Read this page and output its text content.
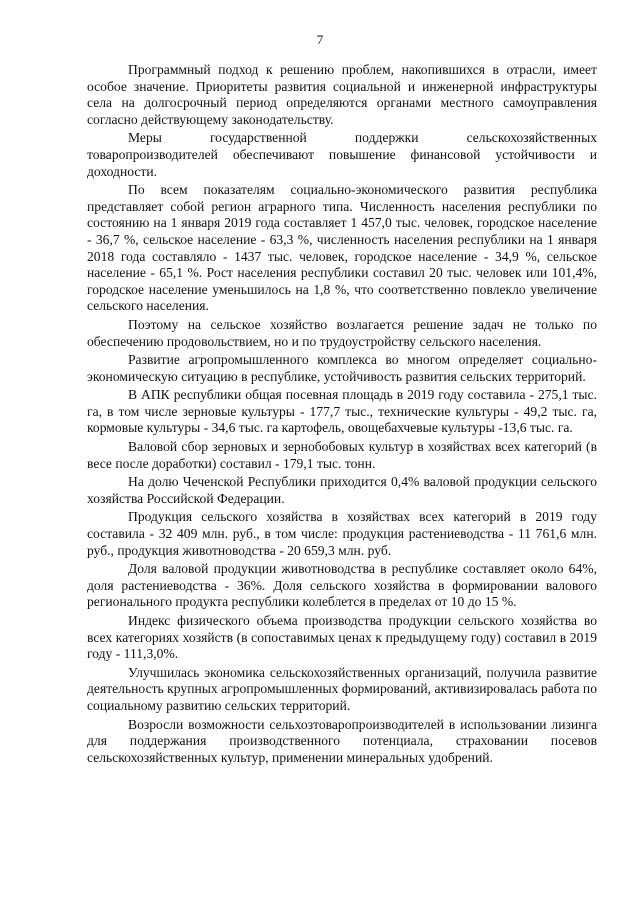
7

Программный подход к решению проблем, накопившихся в отрасли, имеет особое значение. Приоритеты развития социальной и инженерной инфраструктуры села на долгосрочный период определяются органами местного самоуправления согласно действующему законодательству.

Меры государственной поддержки сельскохозяйственных товаропроизводителей обеспечивают повышение финансовой устойчивости и доходности.

По всем показателям социально-экономического развития республика представляет собой регион аграрного типа. Численность населения республики по состоянию на 1 января 2019 года составляет 1 457,0 тыс. человек, городское население - 36,7 %, сельское население - 63,3 %, численность населения республики на 1 января 2018 года составляло - 1437 тыс. человек, городское население - 34,9 %, сельское население - 65,1 %. Рост населения республики составил 20 тыс. человек или 101,4%, городское население уменьшилось на 1,8 %, что соответственно повлекло увеличение сельского населения.

Поэтому на сельское хозяйство возлагается решение задач не только по обеспечению продовольствием, но и по трудоустройству сельского населения.

Развитие агропромышленного комплекса во многом определяет социально-экономическую ситуацию в республике, устойчивость развития сельских территорий.

В АПК республики общая посевная площадь в 2019 году составила - 275,1 тыс. га, в том числе зерновые культуры - 177,7 тыс., технические культуры - 49,2 тыс. га, кормовые культуры - 34,6 тыс. га картофель, овощебахчевые культуры -13,6 тыс. га.

Валовой сбор зерновых и зернобобовых культур в хозяйствах всех категорий (в весе после доработки) составил - 179,1 тыс. тонн.

На долю Чеченской Республики приходится 0,4% валовой продукции сельского хозяйства Российской Федерации.

Продукция сельского хозяйства в хозяйствах всех категорий в 2019 году составила - 32 409 млн. руб., в том числе: продукция растениеводства - 11 761,6 млн. руб., продукция животноводства - 20 659,3 млн. руб.

Доля валовой продукции животноводства в республике составляет около 64%, доля растениеводства - 36%. Доля сельского хозяйства в формировании валового регионального продукта республики колеблется в пределах от 10 до 15 %.

Индекс физического объема производства продукции сельского хозяйства во всех категориях хозяйств (в сопоставимых ценах к предыдущему году) составил в 2019 году - 111,3,0%.

Улучшилась экономика сельскохозяйственных организаций, получила развитие деятельность крупных агропромышленных формирований, активизировалась работа по социальному развитию сельских территорий.

Возросли возможности сельхозтоваропроизводителей в использовании лизинга для поддержания производственного потенциала, страховании посевов сельскохозяйственных культур, применении минеральных удобрений.
